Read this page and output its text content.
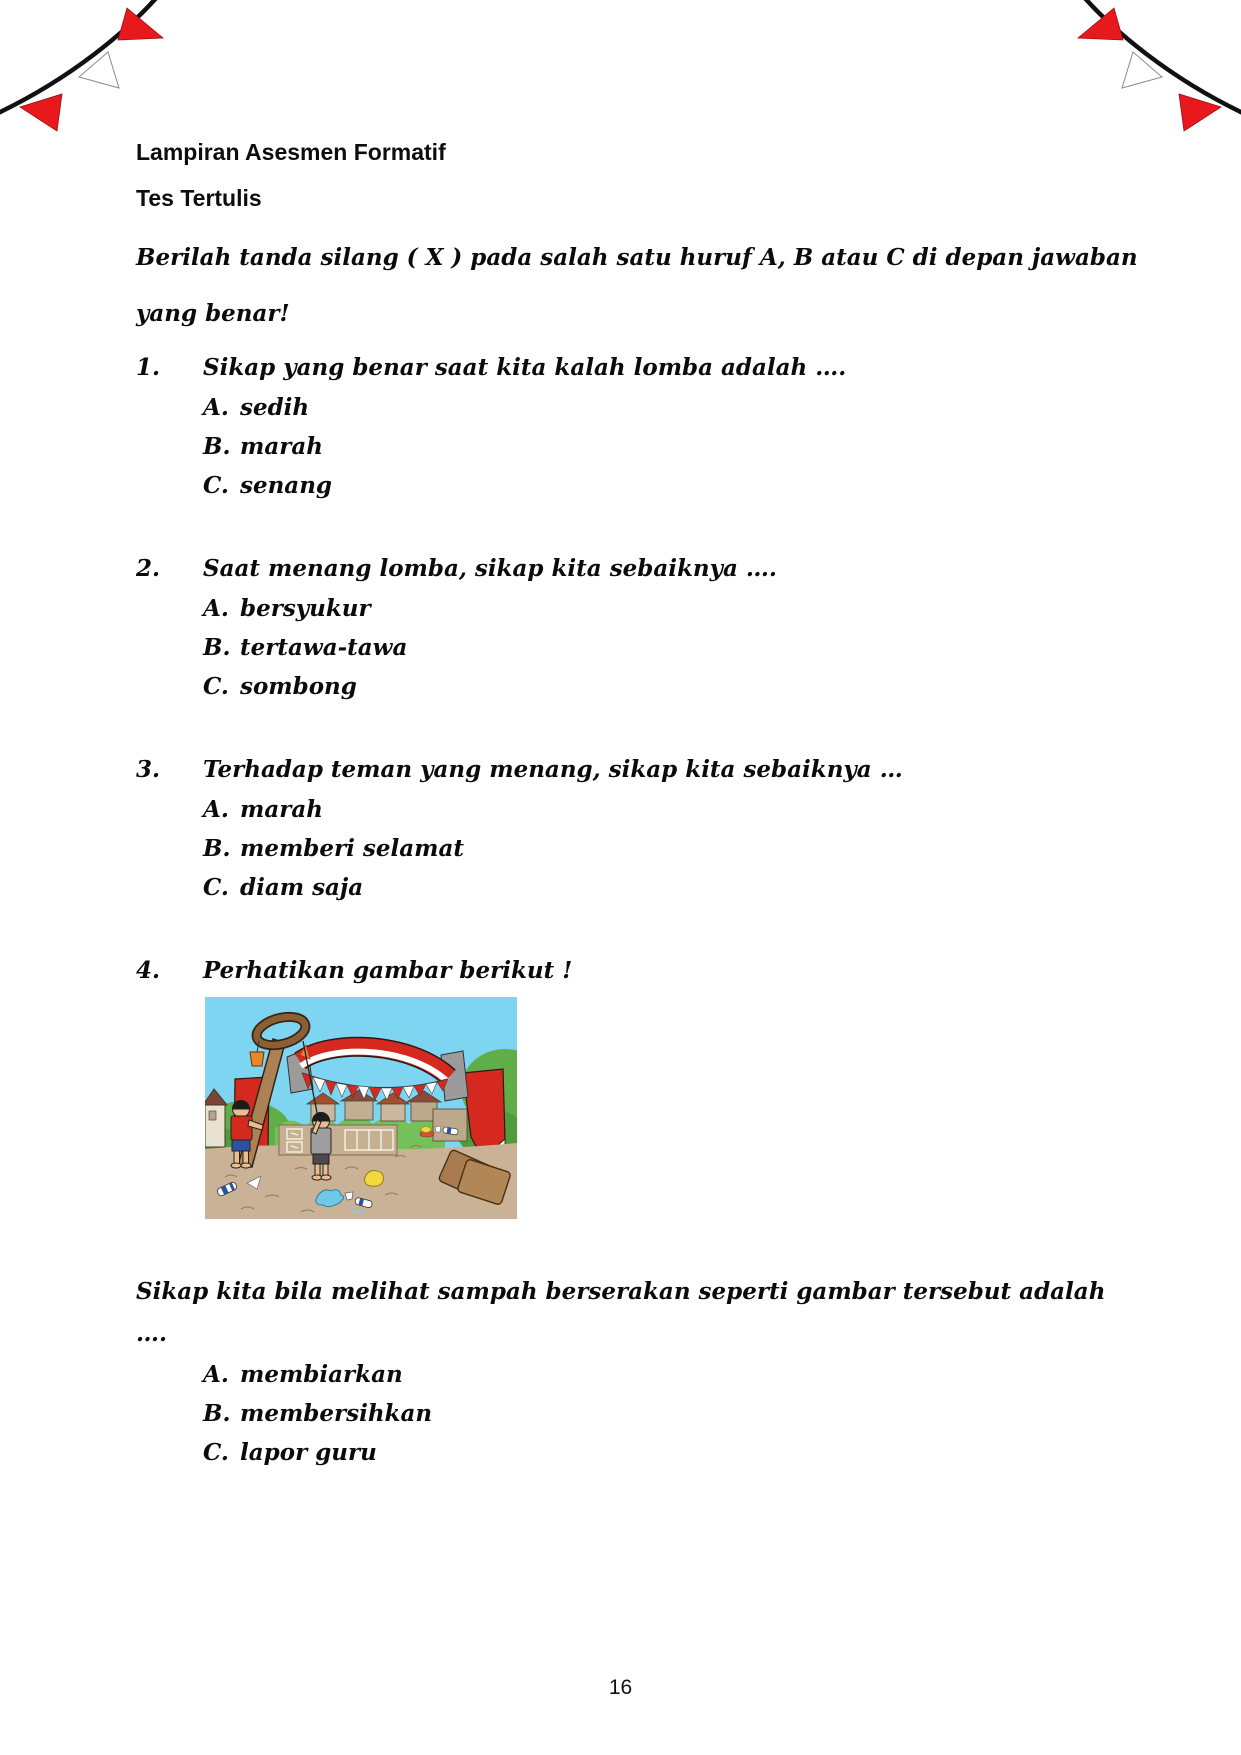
Lampiran Asesmen Formatif

Tes Tertulis

Berilah tanda silang ( X ) pada salah satu huruf A, B atau C di depan jawaban
yang benar!
1.	Sikap yang benar saat kita kalah lomba adalah ….
A. sedih
B. marah
C. senang
2.	Saat menang lomba, sikap kita sebaiknya ….
A. bersyukur
B. tertawa-tawa
C. sombong
3.	Terhadap teman yang menang, sikap kita sebaiknya …
A. marah
B. memberi selamat
C. diam saja
4.	Perhatikan gambar berikut !
Sikap kita bila melihat sampah berserakan seperti gambar tersebut adalah
….
A. membiarkan
B. membersihkan
C. lapor guru
16
